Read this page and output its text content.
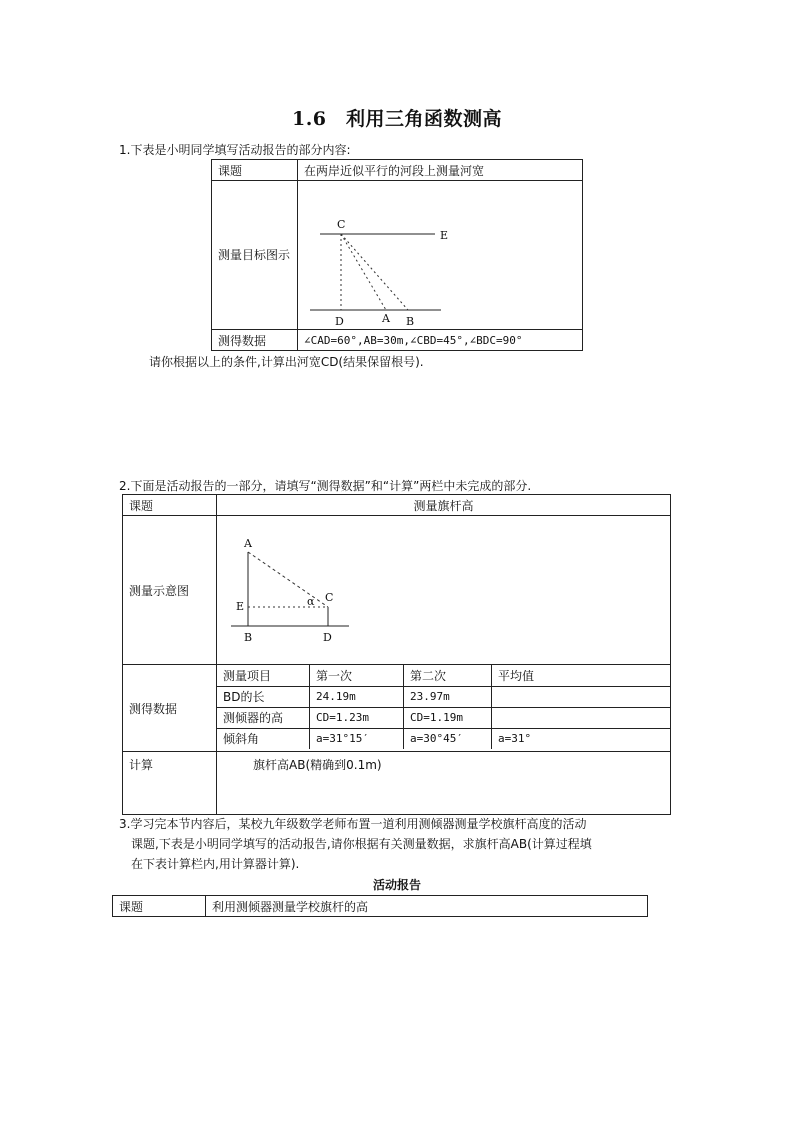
1.6　利用三角函数测高
1.下表是小明同学填写活动报告的部分内容:
课题	在两岸近似平行的河段上测量河宽
测量目标图示	C
E
D A B

测得数据	∠CAD=60°,AB=30m,∠CBD=45°,∠BDC=90°
请你根据以上的条件,计算出河宽CD(结果保留根号).
2.下面是活动报告的一部分，请填写“测得数据”和“计算”两栏中未完成的部分.
课题	测量旗杆高
测量示意图	
A
E	α C
B	D

测得数据	
测量项目	第一次	第二次	平均值
BD的长	24.19m	23.97m	
测倾器的高	CD=1.23m	CD=1.19m	
倾斜角	a=31°15′	a=30°45′	a=31°

计算	旗杆高AB(精确到0.1m)
3.学习完本节内容后，某校九年级数学老师布置一道利用测倾器测量学校旗杆高度的活动
课题,下表是小明同学填写的活动报告,请你根据有关测量数据，求旗杆高AB(计算过程填
在下表计算栏内,用计算器计算).
活动报告
课题	利用测倾器测量学校旗杆的高
